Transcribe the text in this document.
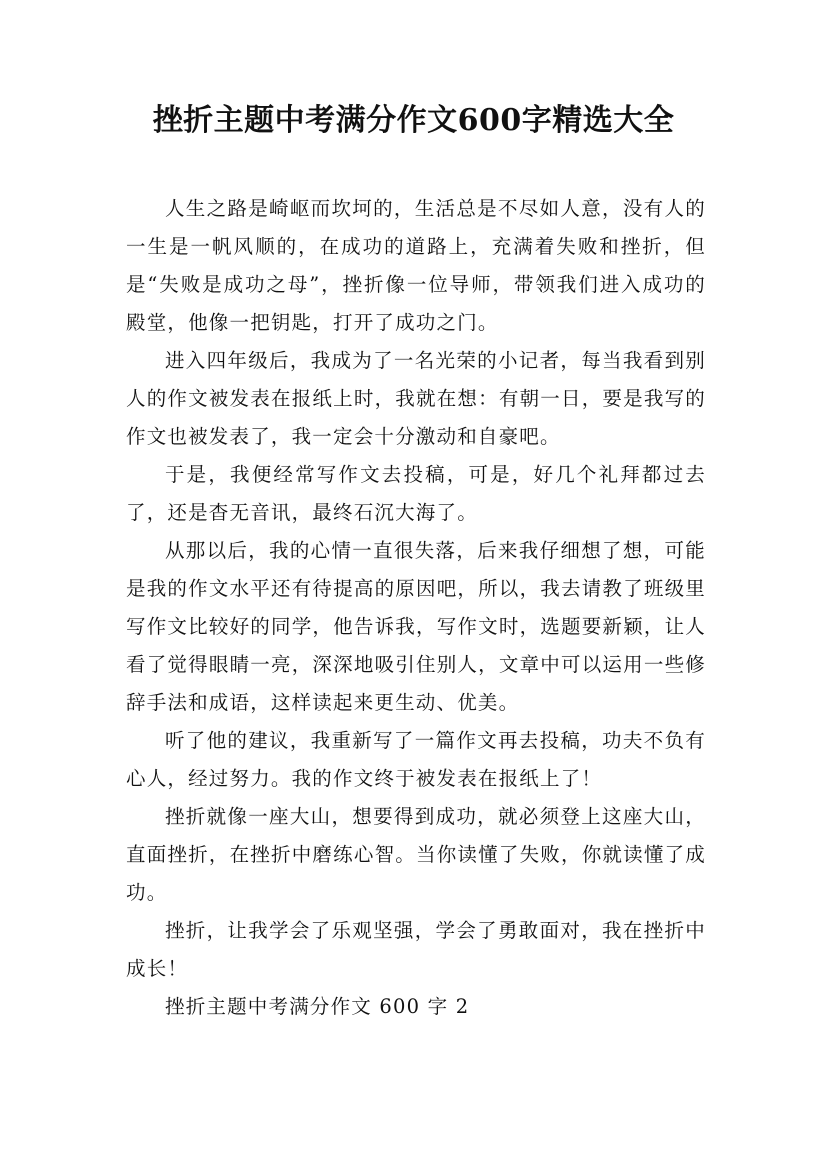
挫折主题中考满分作文600字精选大全

人生之路是崎岖而坎坷的，生活总是不尽如人意，没有人的一生是一帆风顺的，在成功的道路上，充满着失败和挫折，但是“失败是成功之母”，挫折像一位导师，带领我们进入成功的殿堂，他像一把钥匙，打开了成功之门。

进入四年级后，我成为了一名光荣的小记者，每当我看到别人的作文被发表在报纸上时，我就在想：有朝一日，要是我写的作文也被发表了，我一定会十分激动和自豪吧。

于是，我便经常写作文去投稿，可是，好几个礼拜都过去了，还是杳无音讯，最终石沉大海了。

从那以后，我的心情一直很失落，后来我仔细想了想，可能是我的作文水平还有待提高的原因吧，所以，我去请教了班级里写作文比较好的同学，他告诉我，写作文时，选题要新颖，让人看了觉得眼睛一亮，深深地吸引住别人，文章中可以运用一些修辞手法和成语，这样读起来更生动、优美。

听了他的建议，我重新写了一篇作文再去投稿，功夫不负有心人，经过努力。我的作文终于被发表在报纸上了！

挫折就像一座大山，想要得到成功，就必须登上这座大山，直面挫折，在挫折中磨练心智。当你读懂了失败，你就读懂了成功。

挫折，让我学会了乐观坚强，学会了勇敢面对，我在挫折中成长！

挫折主题中考满分作文 600 字 2
